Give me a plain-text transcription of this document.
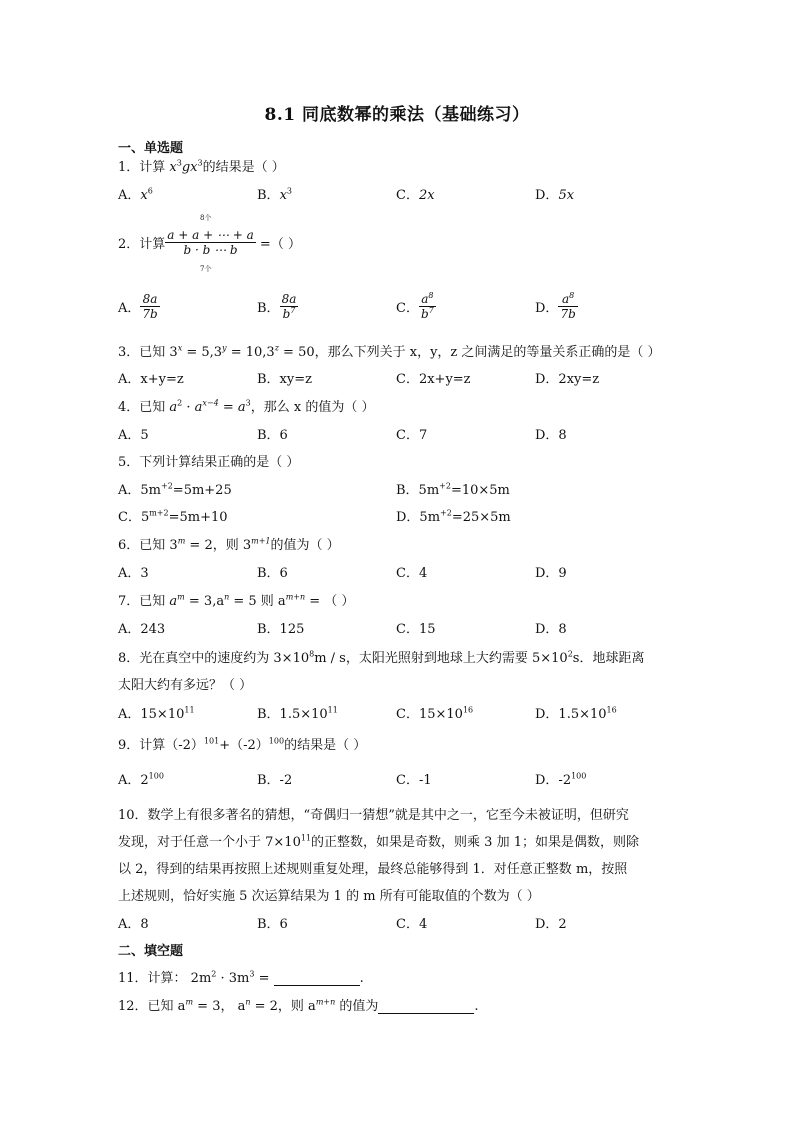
8.1 同底数幂的乘法（基础练习）
一、单选题
1．计算 $x^3gx^3$的结果是（ ）
A．$x^6$	B．$x^3$	C．2x	D．5x
8个
2．计算 $\frac{a + a + \cdots + a}{b \cdot b \cdots b}$ =（ ）
7个
A． $\frac{8a}{7b}$	B． $\frac{8a}{b^7}$	C． $\frac{a^8}{b^7}$	D． $\frac{a^8}{7b}$
3．已知 $3^x = 5,3^y = 10,3^z = 50$，那么下列关于 x，y，z 之间满足的等量关系正确的是（ ）
A．x+y=z	B．xy=z	C．2x+y=z	D．2xy=z
4．已知 $a^2 \cdot a^{x-4} = a^3$，那么 x 的值为（ ）
A．5	B．6	C．7	D．8
5．下列计算结果正确的是（ ）
A．$5m^{+2}=5m+25$	B．$5m^{+2}=10\times 5m$
C．$5^{m+2}=5m+10$	D．$5m^{+2}=25\times 5m$
6．已知 $3^m = 2$，则 $3^{m+1}$的值为（ ）
A．3	B．6	C．4	D．9
7．已知 $a^m = 3,a^n = 5$ 则 $a^{m+n}$ = （ ）
A．243	B．125	C．15	D．8
8．光在真空中的速度约为 $3\times 10^8m / s$，太阳光照射到地球上大约需要 $5\times 10^2s$．地球距离
太阳大约有多远？（ ）
A．$15\times 10^{11}$	B．$1.5\times 10^{11}$	C．$15\times 10^{16}$	D．$1.5\times 10^{16}$
9．计算$(-2)^{101}+(-2)^{100}$的结果是（ ）
A．$2^{100}$	B．-2	C．-1	D．$-2^{100}$
10．数学上有很多著名的猜想，“奇偶归一猜想”就是其中之一，它至今未被证明，但研究
发现，对于任意一个小于 $7\times 10^{11}$的正整数，如果是奇数，则乘 3 加 1；如果是偶数，则除
以 2，得到的结果再按照上述规则重复处理，最终总能够得到 1．对任意正整数 m，按照
上述规则，恰好实施 5 次运算结果为 1 的 m 所有可能取值的个数为（ ）
A．8	B．6	C．4	D．2
二、填空题
11．计算： $2m^2 \cdot 3m^3$ =	.
12．已知 $a^m = 3$， $a^n = 2$，则 $a^{m+n}$ 的值为	.
